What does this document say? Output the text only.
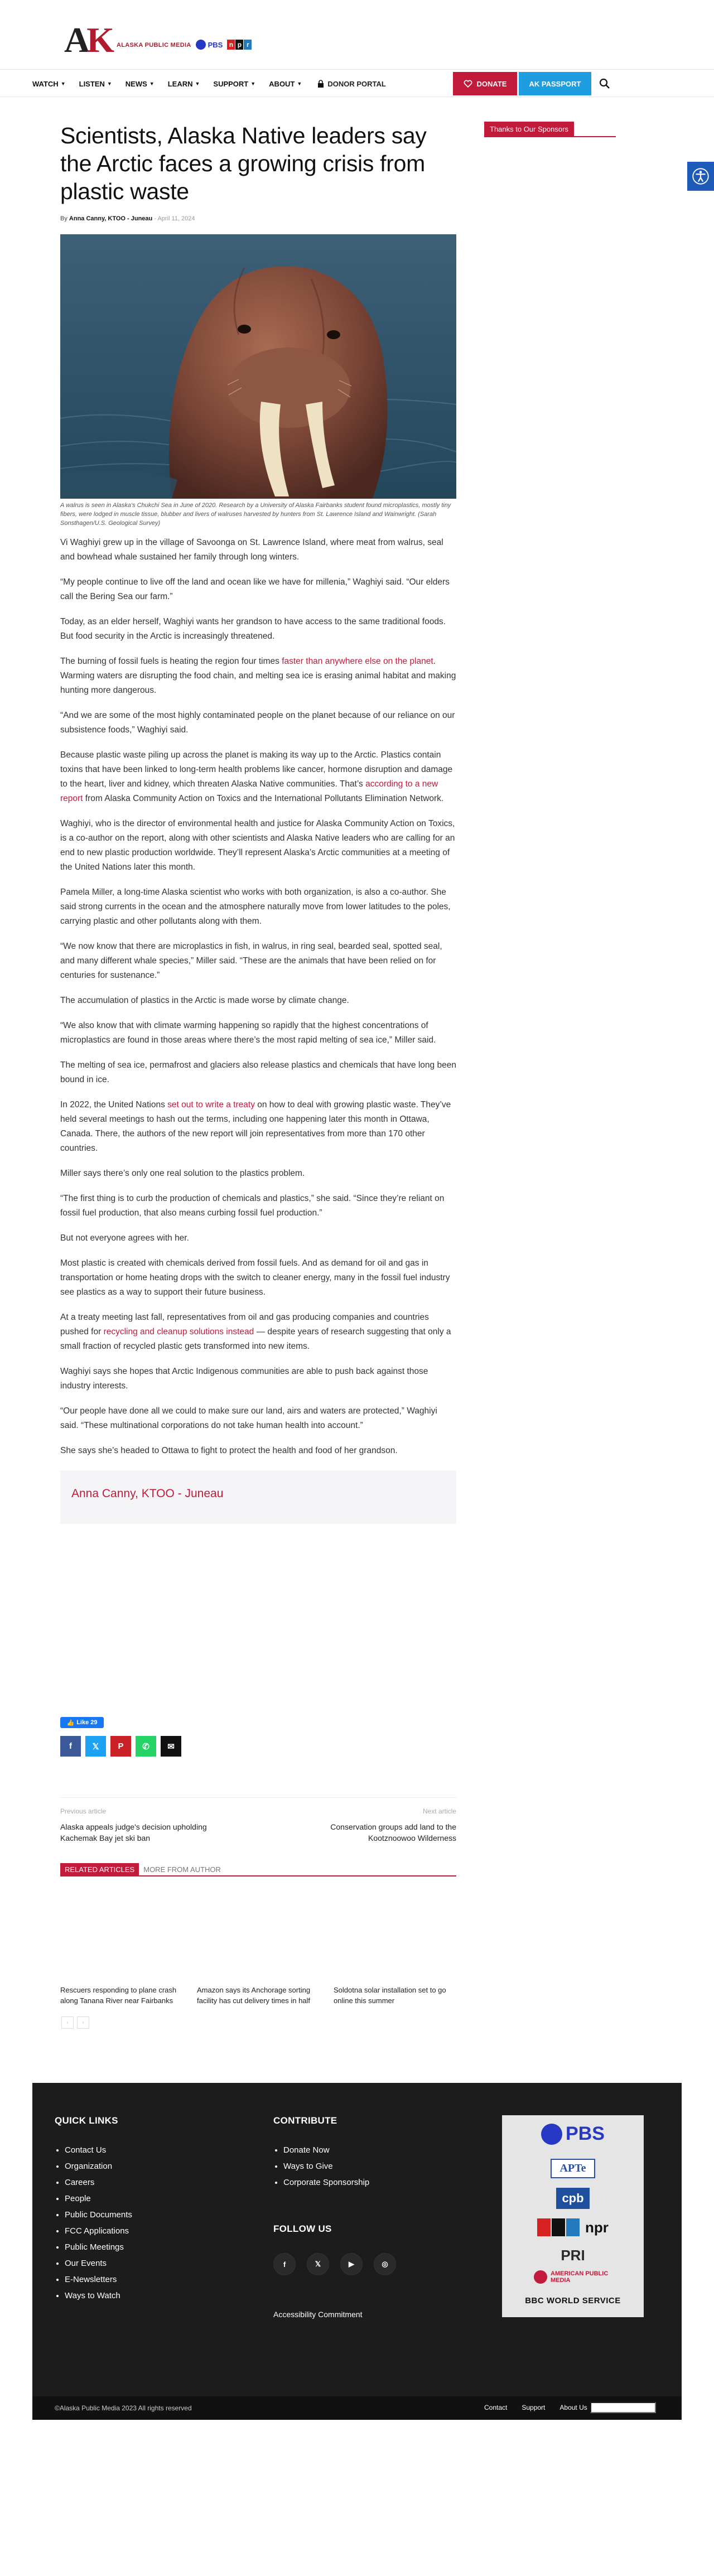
AK ALASKA PUBLIC MEDIA PBS n p r
WATCH ▼ LISTEN ▼ NEWS ▼ LEARN ▼ SUPPORT ▼ ABOUT ▼	DONOR PORTAL	DONATE	AK PASSPORT
Scientists, Alaska Native leaders say the Arctic faces a growing crisis from plastic waste
By Anna Canny, KTOO - Juneau - April 11, 2024

A walrus is seen in Alaska's Chukchi Sea in June of 2020. Research by a University of Alaska Fairbanks student found microplastics, mostly tiny fibers, were lodged in muscle tissue, blubber and livers of walruses harvested by hunters from St. Lawrence Island and Wainwright. (Sarah Sonsthagen/U.S. Geological Survey)

Vi Waghiyi grew up in the village of Savoonga on St. Lawrence Island, where meat from walrus, seal and bowhead whale sustained her family through long winters.

“My people continue to live off the land and ocean like we have for millenia,” Waghiyi said. “Our elders call the Bering Sea our farm.”

Today, as an elder herself, Waghiyi wants her grandson to have access to the same traditional foods. But food security in the Arctic is increasingly threatened.

The burning of fossil fuels is heating the region four times faster than anywhere else on the planet. Warming waters are disrupting the food chain, and melting sea ice is erasing animal habitat and making hunting more dangerous.

“And we are some of the most highly contaminated people on the planet because of our reliance on our subsistence foods,” Waghiyi said.

Because plastic waste piling up across the planet is making its way up to the Arctic. Plastics contain toxins that have been linked to long-term health problems like cancer, hormone disruption and damage to the heart, liver and kidney, which threaten Alaska Native communities. That’s according to a new report from Alaska Community Action on Toxics and the International Pollutants Elimination Network.

Waghiyi, who is the director of environmental health and justice for Alaska Community Action on Toxics, is a co-author on the report, along with other scientists and Alaska Native leaders who are calling for an end to new plastic production worldwide. They’ll represent Alaska’s Arctic communities at a meeting of the United Nations later this month.

Pamela Miller, a long-time Alaska scientist who works with both organization, is also a co-author. She said strong currents in the ocean and the atmosphere naturally move from lower latitudes to the poles, carrying plastic and other pollutants along with them.

“We now know that there are microplastics in fish, in walrus, in ring seal, bearded seal, spotted seal, and many different whale species,” Miller said. “These are the animals that have been relied on for centuries for sustenance.”

The accumulation of plastics in the Arctic is made worse by climate change.

“We also know that with climate warming happening so rapidly that the highest concentrations of microplastics are found in those areas where there’s the most rapid melting of sea ice,” Miller said.

The melting of sea ice, permafrost and glaciers also release plastics and chemicals that have long been bound in ice.

In 2022, the United Nations set out to write a treaty on how to deal with growing plastic waste. They’ve held several meetings to hash out the terms, including one happening later this month in Ottawa, Canada. There, the authors of the new report will join representatives from more than 170 other countries.

Miller says there’s only one real solution to the plastics problem.

“The first thing is to curb the production of chemicals and plastics,” she said. “Since they’re reliant on fossil fuel production, that also means curbing fossil fuel production.”

But not everyone agrees with her.

Most plastic is created with chemicals derived from fossil fuels. And as demand for oil and gas in transportation or home heating drops with the switch to cleaner energy, many in the fossil fuel industry see plastics as a way to support their future business.

At a treaty meeting last fall, representatives from oil and gas producing companies and countries pushed for recycling and cleanup solutions instead — despite years of research suggesting that only a small fraction of recycled plastic gets transformed into new items.

Waghiyi says she hopes that Arctic Indigenous communities are able to push back against those industry interests.

“Our people have done all we could to make sure our land, airs and waters are protected,” Waghiyi said. “These multinational corporations do not take human health into account.”

She says she’s headed to Ottawa to fight to protect the health and food of her grandson.

Anna Canny, KTOO - Juneau
👍 Like 29
f	𝕏	P	✆	✉
Previous article
Alaska appeals judge's decision upholding Kachemak Bay jet ski ban
Next article
Conservation groups add land to the Kootznoowoo Wilderness
RELATED ARTICLES	MORE FROM AUTHOR
Rescuers responding to plane crash along Tanana River near Fairbanks
Amazon says its Anchorage sorting facility has cut delivery times in half
Soldotna solar installation set to go online this summer
‹	›
Thanks to Our Sponsors
QUICK LINKS
• Contact Us
• Organization
• Careers
• People
• Public Documents
• FCC Applications
• Public Meetings
• Our Events
• E-Newsletters
• Ways to Watch
CONTRIBUTE
• Donate Now
• Ways to Give
• Corporate Sponsorship
FOLLOW US
f	𝕏	▶	◎
Accessibility Commitment
PBS
APTe
cpb
npr
PRI
AMERICAN PUBLIC MEDIA
BBC WORLD SERVICE
©Alaska Public Media 2023 All rights reserved	Contact Support About Us
